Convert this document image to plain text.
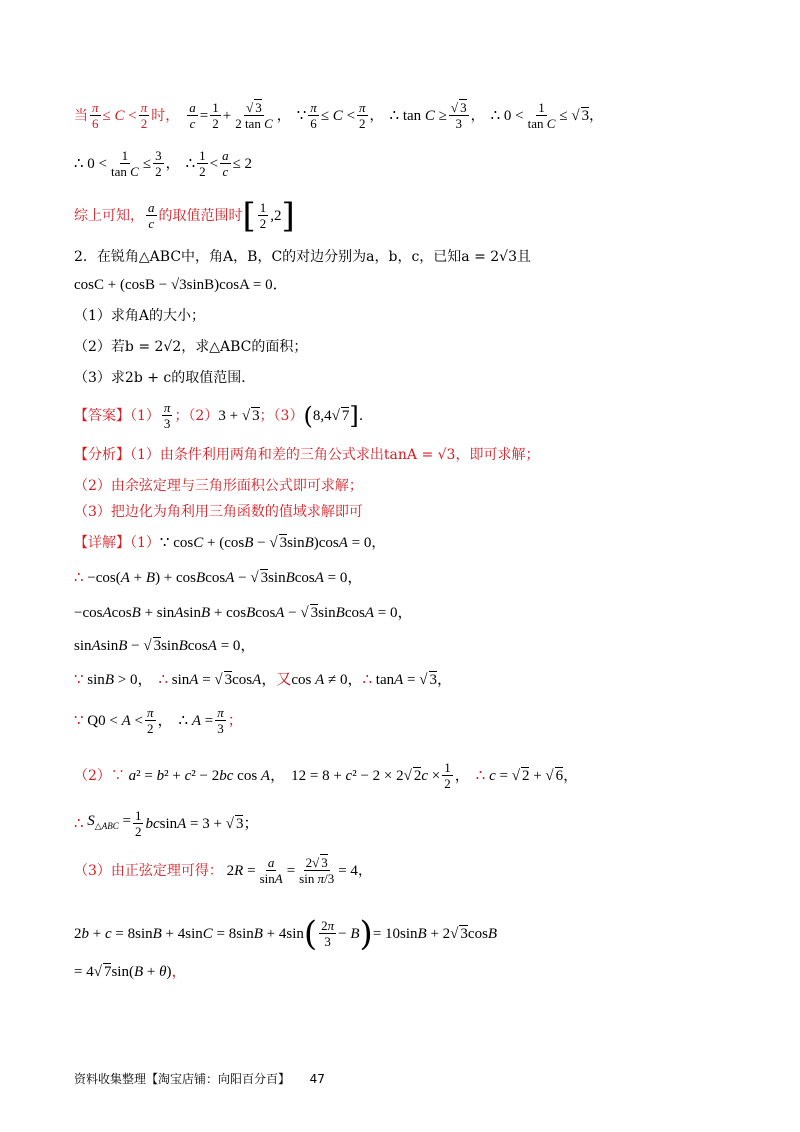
当 $\frac{\pi}{6} \le C < \frac{\pi}{2}$ 时， $\frac{a}{c} = \frac{1}{2} + \frac{√ 3}{\text{2 tan C}}$ ， ∵ $\frac{\pi}{6} \le C < \frac{\pi}{2}$ ， ∴ $\tan C \ge \frac{√ 3}{3}$ ， ∴ $0 < \frac{1}{\text{tan C}}$ ≤ √ 3 ，
∴ $0 < \frac{1}{\text{tan C}} \le \frac{3}{2}$ ， ∴ $\frac{1}{2} < \frac{a}{c} \le 2$
综上可知， $\frac{a}{c}$ 的取值范围时 [ $\frac{1}{2} ,2$ ]
2．在锐角△ABC中，角A，B，C的对边分别为a，b，c，已知a = 2√3且
cosC + (cosB − √3sinB)cosA = 0．
（1）求角A的大小；
（2）若b = 2√2，求△ABC的面积；
（3）求2b + c的取值范围．
【答案】$(1) \frac{\pi}{3}$ ；（2） 3 + √ 3 ；（3） ( 8,4√ 7 ] .
【分析】（1）由条件利用两角和差的三角公式求出tanA = √3，即可求解；
（2）由余弦定理与三角形面积公式即可求解；
（3）把边化为角利用三角函数的值域求解即可
【详解】（1） ∵ cosC + (cosB − √ 3sinB)cosA = 0 ，
∴ −cos(A + B) + cosBcosA − √ 3sinBcosA = 0，
−cosAcosB + sinAsinB + cosBcosA − √ 3sinBcosA = 0，
sinAsinB − √ 3sinBcosA = 0，
∵
sinB > 0， ∴
sinA = √ 3cosA， 又 cos A ≠ 0， ∴
tanA = √ 3，
∵
$Q0 < A < \frac{\pi}{2}$ ， ∴ $A = \frac{\pi}{3}$ ；
（2）∵ a² = b² + c² − 2bc cos A， 12 = 8 + c² − 2 × 2√ $2c \times \frac{1}{2}$ ， ∴
c = √ 2 + √ 6，
∴
$S_{\triangle ABC} = \frac{1}{2}$ bcsinA = 3 + √ 3；
（3）由正弦定理可得： $2R = \frac{a}{\sin A} = \frac{2√ 3}{\text{sin π/3}} = 4$ ，
2b + c = 8sinB + 4sinC = 8sinB + 4sin ( $\frac{2\pi}{3} - B$ ) = 10sinB + 2√ 3cosB
= 4√ 7sin(B + θ) ，
资料收集整理【淘宝店铺：向阳百分百】 47
